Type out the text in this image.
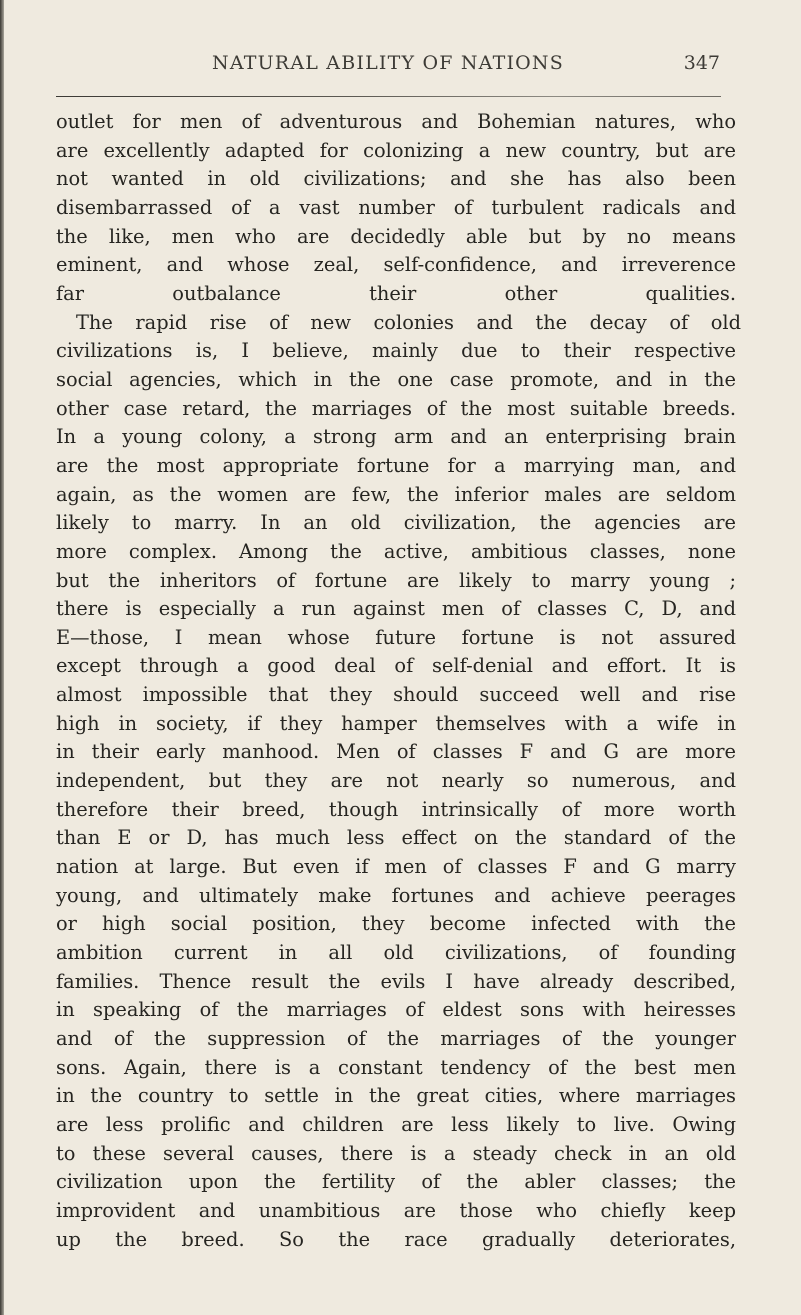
NATURAL ABILITY OF NATIONS	347
outlet for men of adventurous and Bohemian natures, who
are excellently adapted for colonizing a new country, but are
not wanted in old civilizations; and she has also been
disembarrassed of a vast number of turbulent radicals and
the like, men who are decidedly able but by no means
eminent, and whose zeal, self-confidence, and irreverence
far outbalance their other qualities.
The rapid rise of new colonies and the decay of old
civilizations is, I believe, mainly due to their respective
social agencies, which in the one case promote, and in the
other case retard, the marriages of the most suitable breeds.
In a young colony, a strong arm and an enterprising brain
are the most appropriate fortune for a marrying man, and
again, as the women are few, the inferior males are seldom
likely to marry. In an old civilization, the agencies are
more complex. Among the active, ambitious classes, none
but the inheritors of fortune are likely to marry young ;
there is especially a run against men of classes C, D, and
E—those, I mean whose future fortune is not assured
except through a good deal of self-denial and effort. It is
almost impossible that they should succeed well and rise
high in society, if they hamper themselves with a wife in
in their early manhood. Men of classes F and G are more
independent, but they are not nearly so numerous, and
therefore their breed, though intrinsically of more worth
than E or D, has much less effect on the standard of the
nation at large. But even if men of classes F and G marry
young, and ultimately make fortunes and achieve peerages
or high social position, they become infected with the
ambition current in all old civilizations, of founding
families. Thence result the evils I have already described,
in speaking of the marriages of eldest sons with heiresses
and of the suppression of the marriages of the younger
sons. Again, there is a constant tendency of the best men
in the country to settle in the great cities, where marriages
are less prolific and children are less likely to live. Owing
to these several causes, there is a steady check in an old
civilization upon the fertility of the abler classes; the
improvident and unambitious are those who chiefly keep
up the breed. So the race gradually deteriorates,
